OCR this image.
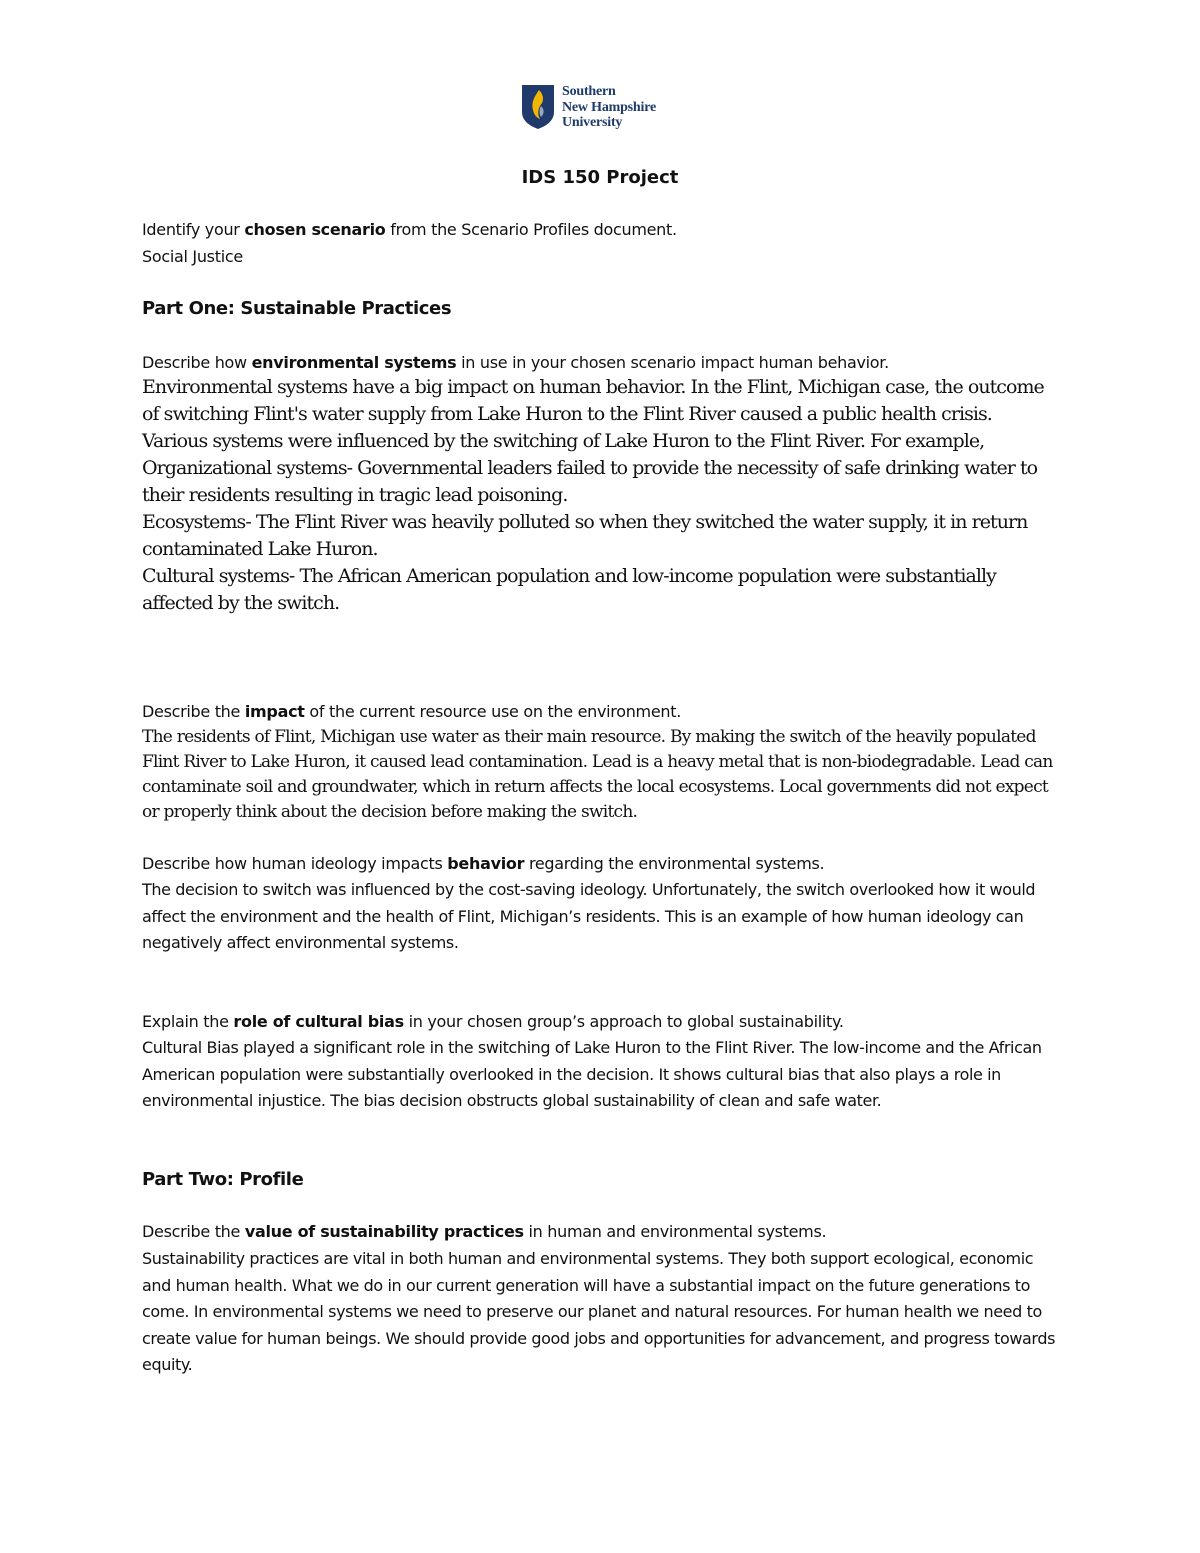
Southern
New Hampshire
University
IDS 150 Project
Identify your chosen scenario from the Scenario Profiles document.
Social Justice
Part One: Sustainable Practices
Describe how environmental systems in use in your chosen scenario impact human behavior.

Environmental systems have a big impact on human behavior. In the Flint, Michigan case, the outcome of switching Flint's water supply from Lake Huron to the Flint River caused a public health crisis. Various systems were influenced by the switching of Lake Huron to the Flint River. For example,

Organizational systems- Governmental leaders failed to provide the necessity of safe drinking water to their residents resulting in tragic lead poisoning.

Ecosystems- The Flint River was heavily polluted so when they switched the water supply, it in return contaminated Lake Huron.

Cultural systems- The African American population and low-income population were substantially affected by the switch.

Describe the impact of the current resource use on the environment.

The residents of Flint, Michigan use water as their main resource. By making the switch of the heavily populated Flint River to Lake Huron, it caused lead contamination. Lead is a heavy metal that is non-biodegradable. Lead can contaminate soil and groundwater, which in return affects the local ecosystems. Local governments did not expect or properly think about the decision before making the switch.

Describe how human ideology impacts behavior regarding the environmental systems.

The decision to switch was influenced by the cost-saving ideology. Unfortunately, the switch overlooked how it would affect the environment and the health of Flint, Michigan’s residents. This is an example of how human ideology can negatively affect environmental systems.

Explain the role of cultural bias in your chosen group’s approach to global sustainability.

Cultural Bias played a significant role in the switching of Lake Huron to the Flint River. The low-income and the African American population were substantially overlooked in the decision. It shows cultural bias that also plays a role in environmental injustice. The bias decision obstructs global sustainability of clean and safe water.

Part Two: Profile
Describe the value of sustainability practices in human and environmental systems.

Sustainability practices are vital in both human and environmental systems. They both support ecological, economic and human health. What we do in our current generation will have a substantial impact on the future generations to come. In environmental systems we need to preserve our planet and natural resources. For human health we need to create value for human beings. We should provide good jobs and opportunities for advancement, and progress towards equity.
